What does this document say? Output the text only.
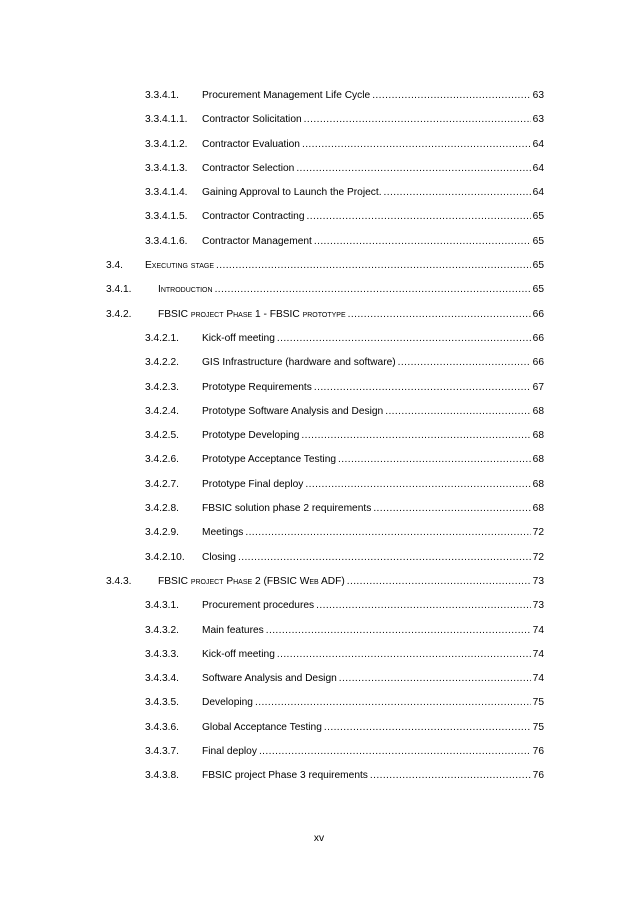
3.3.4.1. Procurement Management Life Cycle .....	63
3.3.4.1.1. Contractor Solicitation .....	63
3.3.4.1.2. Contractor Evaluation .....	64
3.3.4.1.3. Contractor Selection .....	64
3.3.4.1.4. Gaining Approval to Launch the Project. .....	64
3.3.4.1.5. Contractor Contracting .....	65
3.3.4.1.6. Contractor Management .....	65
3.4. Executing stage .....	65
3.4.1.	Introduction .....	65
3.4.2.	FBSIC project Phase 1 - FBSIC prototype .....	66
3.4.2.1. Kick-off meeting .....	66
3.4.2.2. GIS Infrastructure (hardware and software) .....	66
3.4.2.3. Prototype Requirements .....	67
3.4.2.4. Prototype Software Analysis and Design .....	68
3.4.2.5. Prototype Developing .....	68
3.4.2.6. Prototype Acceptance Testing .....	68
3.4.2.7. Prototype Final deploy .....	68
3.4.2.8. FBSIC solution phase 2 requirements .....	68
3.4.2.9. Meetings .....	72
3.4.2.10. Closing .....	72
3.4.3.	FBSIC project Phase 2 (FBSIC Web ADF) .....	73
3.4.3.1. Procurement procedures .....	73
3.4.3.2. Main features .....	74
3.4.3.3. Kick-off meeting .....	74
3.4.3.4. Software Analysis and Design .....	74
3.4.3.5. Developing .....	75
3.4.3.6. Global Acceptance Testing .....	75
3.4.3.7. Final deploy .....	76
3.4.3.8. FBSIC project Phase 3 requirements .....	76
xv
